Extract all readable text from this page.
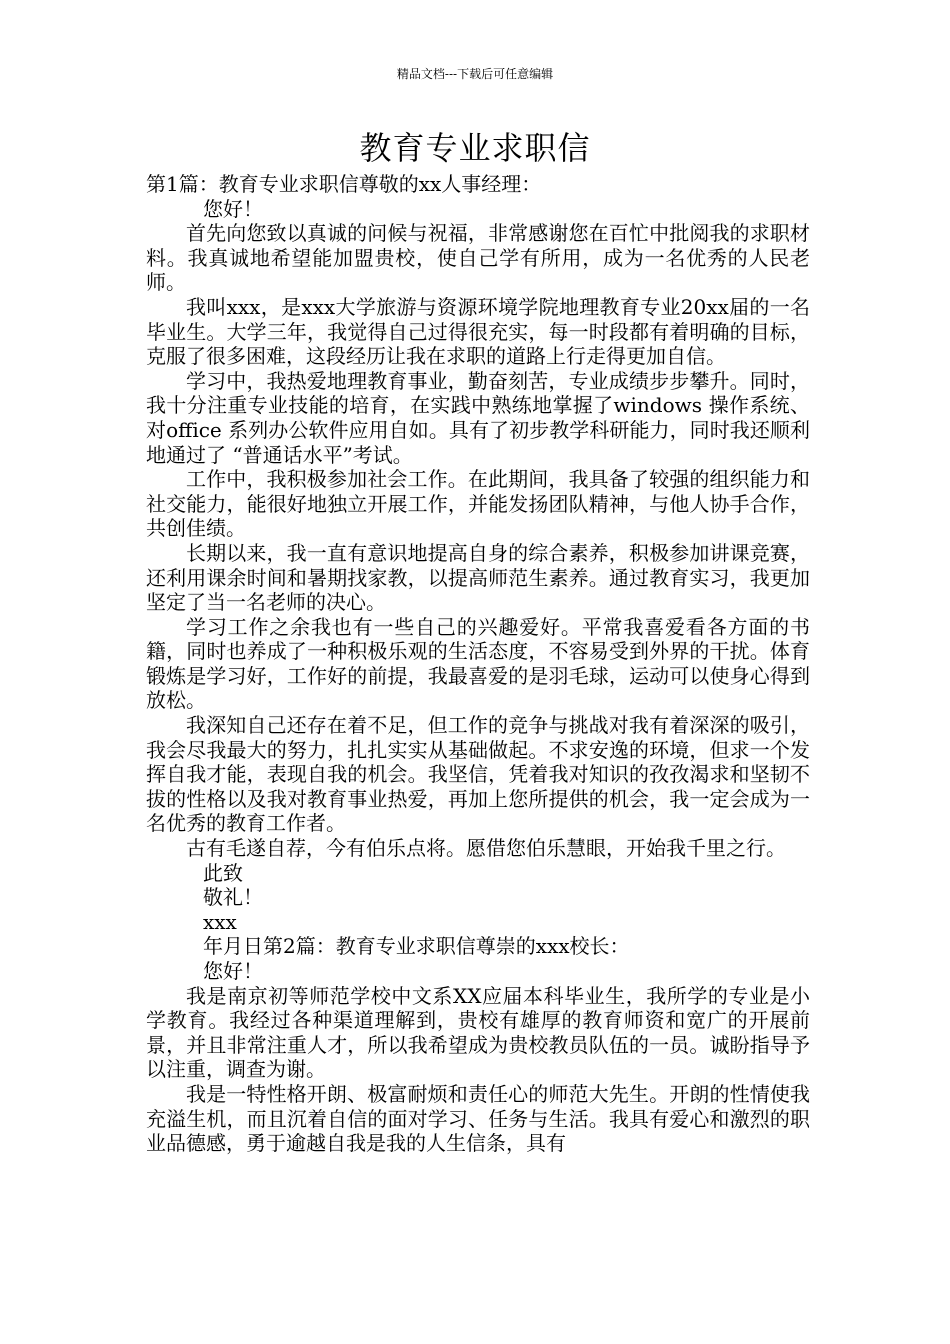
精品文档---下载后可任意编辑
教育专业求职信

第1篇：教育专业求职信尊敬的xx人事经理：

您好！

首先向您致以真诚的问候与祝福，非常感谢您在百忙中批阅我的求职材料。我真诚地希望能加盟贵校，使自己学有所用，成为一名优秀的人民老师。

我叫xxx，是xxx大学旅游与资源环境学院地理教育专业20xx届的一名毕业生。大学三年，我觉得自己过得很充实，每一时段都有着明确的目标，克服了很多困难，这段经历让我在求职的道路上行走得更加自信。

学习中，我热爱地理教育事业，勤奋刻苦，专业成绩步步攀升。同时，我十分注重专业技能的培育，在实践中熟练地掌握了windows 操作系统、对office 系列办公软件应用自如。具有了初步教学科研能力，同时我还顺利地通过了 “普通话水平”考试。

工作中，我积极参加社会工作。在此期间，我具备了较强的组织能力和社交能力，能很好地独立开展工作，并能发扬团队精神，与他人协手合作，共创佳绩。

长期以来，我一直有意识地提高自身的综合素养，积极参加讲课竞赛，还利用课余时间和暑期找家教，以提高师范生素养。通过教育实习，我更加坚定了当一名老师的决心。

学习工作之余我也有一些自己的兴趣爱好。平常我喜爱看各方面的书籍，同时也养成了一种积极乐观的生活态度，不容易受到外界的干扰。体育锻炼是学习好，工作好的前提，我最喜爱的是羽毛球，运动可以使身心得到放松。

我深知自己还存在着不足，但工作的竞争与挑战对我有着深深的吸引，我会尽我最大的努力，扎扎实实从基础做起。不求安逸的环境，但求一个发挥自我才能，表现自我的机会。我坚信，凭着我对知识的孜孜渴求和坚韧不拔的性格以及我对教育事业热爱，再加上您所提供的机会，我一定会成为一名优秀的教育工作者。

古有毛遂自荐，今有伯乐点将。愿借您伯乐慧眼，开始我千里之行。

此致

敬礼！

xxx

年月日第2篇：教育专业求职信尊崇的xxx校长：

您好！

我是南京初等师范学校中文系XX应届本科毕业生，我所学的专业是小学教育。我经过各种渠道理解到，贵校有雄厚的教育师资和宽广的开展前景，并且非常注重人才，所以我希望成为贵校教员队伍的一员。诚盼指导予以注重，调查为谢。

我是一特性格开朗、极富耐烦和责任心的师范大先生。开朗的性情使我充溢生机，而且沉着自信的面对学习、任务与生活。我具有爱心和激烈的职业品德感，勇于逾越自我是我的人生信条，具有
